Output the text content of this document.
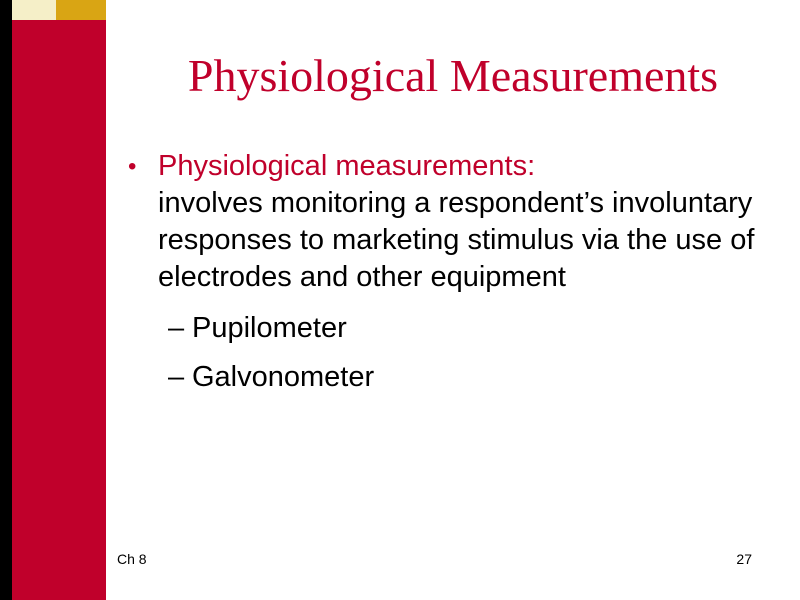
Physiological Measurements
• Physiological measurements:
involves monitoring a respondent’s involuntary responses to marketing stimulus via the use of electrodes and other equipment
– Pupilometer
– Galvonometer
Ch 8	27
